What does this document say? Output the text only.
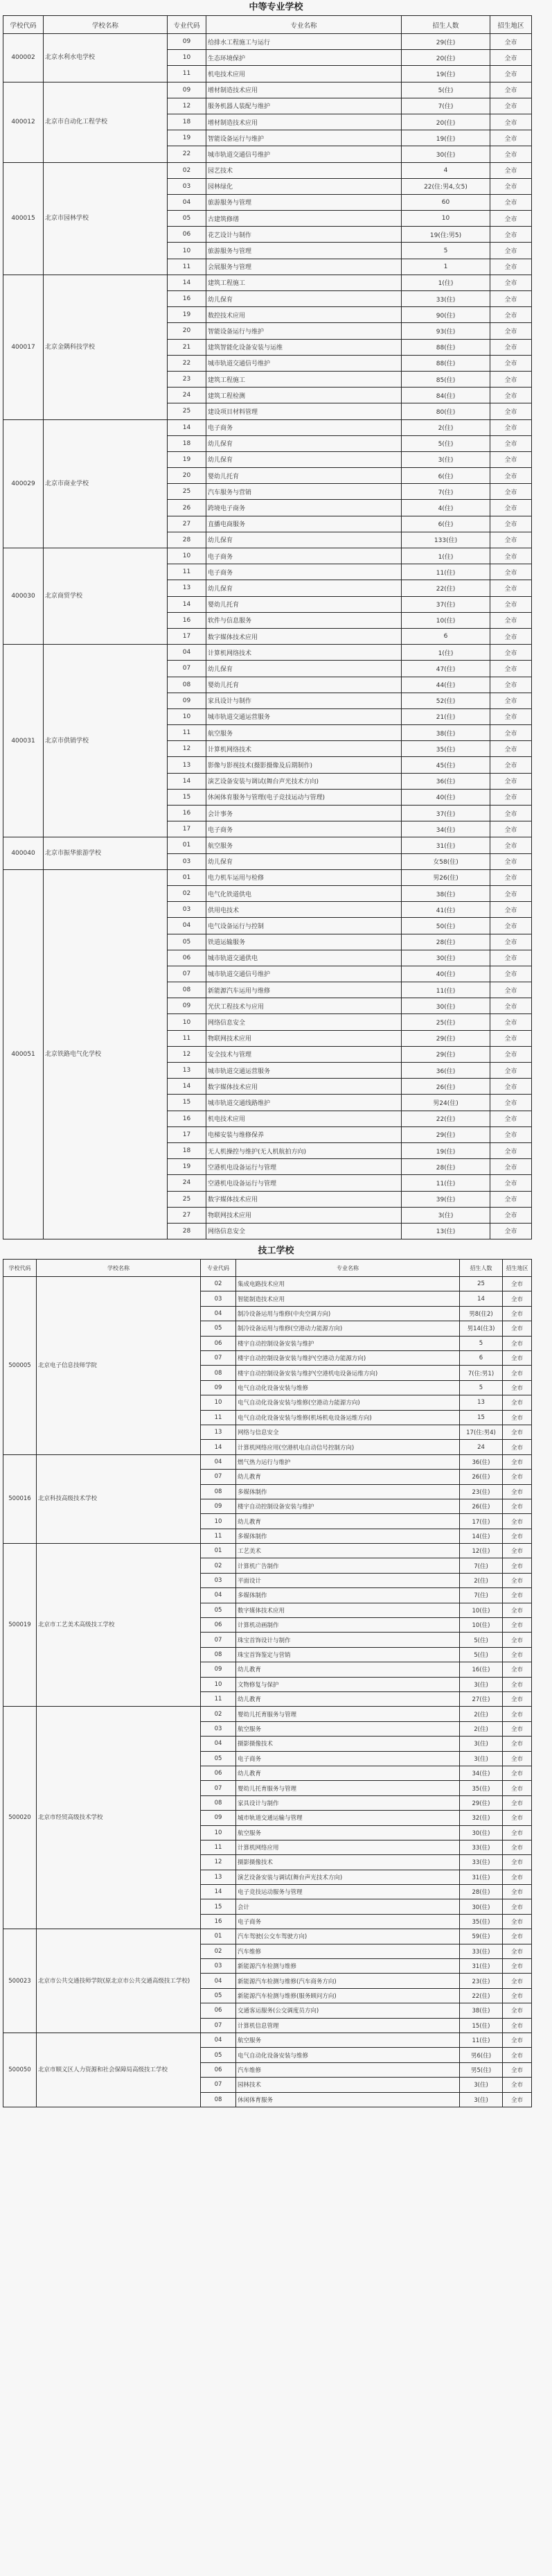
中等专业学校
学校代码	学校名称	专业代码	专业名称	招生人数	招生地区
400002	北京水利水电学校	09	给排水工程施工与运行	29(住)	全市
		10	生态环境保护	20(住)	全市
		11	机电技术应用	19(住)	全市
400012	北京市自动化工程学校	09	增材制造技术应用	5(住)	全市
		12	服务机器人装配与维护	7(住)	全市
		18	增材制造技术应用	20(住)	全市
		19	智能设备运行与维护	19(住)	全市
		22	城市轨道交通信号维护	30(住)	全市
400015	北京市园林学校	02	园艺技术	4	全市
		03	园林绿化	22(住:男4,女5)	全市
		04	旅游服务与管理	60	全市
		05	古建筑修缮	10	全市
		06	花艺设计与制作	19(住:男5)	全市
		10	旅游服务与管理	5	全市
		11	会展服务与管理	1	全市
400017	北京金隅科技学校	14	建筑工程施工	1(住)	全市
		16	幼儿保育	33(住)	全市
		19	数控技术应用	90(住)	全市
		20	智能设备运行与维护	93(住)	全市
		21	建筑智能化设备安装与运维	88(住)	全市
		22	城市轨道交通信号维护	88(住)	全市
		23	建筑工程施工	85(住)	全市
		24	建筑工程检测	84(住)	全市
		25	建设项目材料管理	80(住)	全市
400029	北京市商业学校	14	电子商务	2(住)	全市
		18	幼儿保育	5(住)	全市
		19	幼儿保育	3(住)	全市
		20	婴幼儿托育	6(住)	全市
		25	汽车服务与营销	7(住)	全市
		26	跨境电子商务	4(住)	全市
		27	直播电商服务	6(住)	全市
		28	幼儿保育	133(住)	全市
400030	北京商贸学校	10	电子商务	1(住)	全市
		11	电子商务	11(住)	全市
		13	幼儿保育	22(住)	全市
		14	婴幼儿托育	37(住)	全市
		16	软件与信息服务	10(住)	全市
		17	数字媒体技术应用	6	全市
400031	北京市供销学校	04	计算机网络技术	1(住)	全市
		07	幼儿保育	47(住)	全市
		08	婴幼儿托育	44(住)	全市
		09	家具设计与制作	52(住)	全市
		10	城市轨道交通运营服务	21(住)	全市
		11	航空服务	38(住)	全市
		12	计算机网络技术	35(住)	全市
		13	影像与影视技术(摄影摄像及后期制作)	45(住)	全市
		14	演艺设备安装与调试(舞台声光技术方向)	36(住)	全市
		15	休闲体育服务与管理(电子竞技运动与管理)	40(住)	全市
		16	会计事务	37(住)	全市
		17	电子商务	34(住)	全市
400040	北京市振华旅游学校	01	航空服务	31(住)	全市
		03	幼儿保育	女58(住)	全市
400051	北京铁路电气化学校	01	电力机车运用与检修	男26(住)	全市
		02	电气化铁道供电	38(住)	全市
		03	供用电技术	41(住)	全市
		04	电气设备运行与控制	50(住)	全市
		05	铁道运输服务	28(住)	全市
		06	城市轨道交通供电	30(住)	全市
		07	城市轨道交通信号维护	40(住)	全市
		08	新能源汽车运用与维修	11(住)	全市
		09	光伏工程技术与应用	30(住)	全市
		10	网络信息安全	25(住)	全市
		11	物联网技术应用	29(住)	全市
		12	安全技术与管理	29(住)	全市
		13	城市轨道交通运营服务	36(住)	全市
		14	数字媒体技术应用	26(住)	全市
		15	城市轨道交通线路维护	男24(住)	全市
		16	机电技术应用	22(住)	全市
		17	电梯安装与维修保养	29(住)	全市
		18	无人机操控与维护(无人机航拍方向)	19(住)	全市
		19	空港机电设备运行与管理	28(住)	全市
		24	空港机电设备运行与管理	11(住)	全市
		25	数字媒体技术应用	39(住)	全市
		27	物联网技术应用	3(住)	全市
		28	网络信息安全	13(住)	全市
技工学校
学校代码	学校名称	专业代码	专业名称	招生人数	招生地区
500005	北京电子信息技师学院	02	集成电路技术应用	25	全市
		03	智能制造技术应用	14	全市
		04	制冷设备运用与维修(中央空调方向)	男8(住2)	全市
		05	制冷设备运用与维修(空港动力能源方向)	男14(住3)	全市
		06	楼宇自动控制设备安装与维护	5	全市
		07	楼宇自动控制设备安装与维护(空港动力能源方向)	6	全市
		08	楼宇自动控制设备安装与维护(空港机电设备运维方向)	7(住:男1)	全市
		09	电气自动化设备安装与维修	5	全市
		10	电气自动化设备安装与维修(空港动力能源方向)	13	全市
		11	电气自动化设备安装与维修(机场机电设备运维方向)	15	全市
		13	网络与信息安全	17(住:男4)	全市
		14	计算机网络应用(空港机电自动信号控制方向)	24	全市
500016	北京科技高级技术学校	04	燃气热力运行与维护	36(住)	全市
		07	幼儿教育	26(住)	全市
		08	多媒体制作	23(住)	全市
		09	楼宇自动控制设备安装与维护	26(住)	全市
		10	幼儿教育	17(住)	全市
		11	多媒体制作	14(住)	全市
500019	北京市工艺美术高级技工学校	01	工艺美术	12(住)	全市
		02	计算机广告制作	7(住)	全市
		03	平面设计	2(住)	全市
		04	多媒体制作	7(住)	全市
		05	数字媒体技术应用	10(住)	全市
		06	计算机动画制作	10(住)	全市
		07	珠宝首饰设计与制作	5(住)	全市
		08	珠宝首饰鉴定与营销	5(住)	全市
		09	幼儿教育	16(住)	全市
		10	文物修复与保护	3(住)	全市
		11	幼儿教育	27(住)	全市
500020	北京市经贸高级技术学校	02	婴幼儿托育服务与管理	2(住)	全市
		03	航空服务	2(住)	全市
		04	摄影摄像技术	3(住)	全市
		05	电子商务	3(住)	全市
		06	幼儿教育	34(住)	全市
		07	婴幼儿托育服务与管理	35(住)	全市
		08	家具设计与制作	29(住)	全市
		09	城市轨道交通运输与管理	32(住)	全市
		10	航空服务	30(住)	全市
		11	计算机网络应用	33(住)	全市
		12	摄影摄像技术	33(住)	全市
		13	演艺设备安装与调试(舞台声光技术方向)	31(住)	全市
		14	电子竞技运动服务与管理	28(住)	全市
		15	会计	30(住)	全市
		16	电子商务	35(住)	全市
500023	北京市公共交通技师学院(原北京市公共交通高级技工学校)	01	汽车驾驶(公交车驾驶方向)	59(住)	全市
		02	汽车维修	33(住)	全市
		03	新能源汽车检测与维修	31(住)	全市
		04	新能源汽车检测与维修(汽车商务方向)	23(住)	全市
		05	新能源汽车检测与维修(服务顾问方向)	22(住)	全市
		06	交通客运服务(公交调度员方向)	38(住)	全市
		07	计算机信息管理	15(住)	全市
500050	北京市顺义区人力资源和社会保障局高级技工学校	04	航空服务	11(住)	全市
		05	电气自动化设备安装与维修	男6(住)	全市
		06	汽车维修	男5(住)	全市
		07	园林技术	3(住)	全市
		08	休闲体育服务	3(住)	全市
